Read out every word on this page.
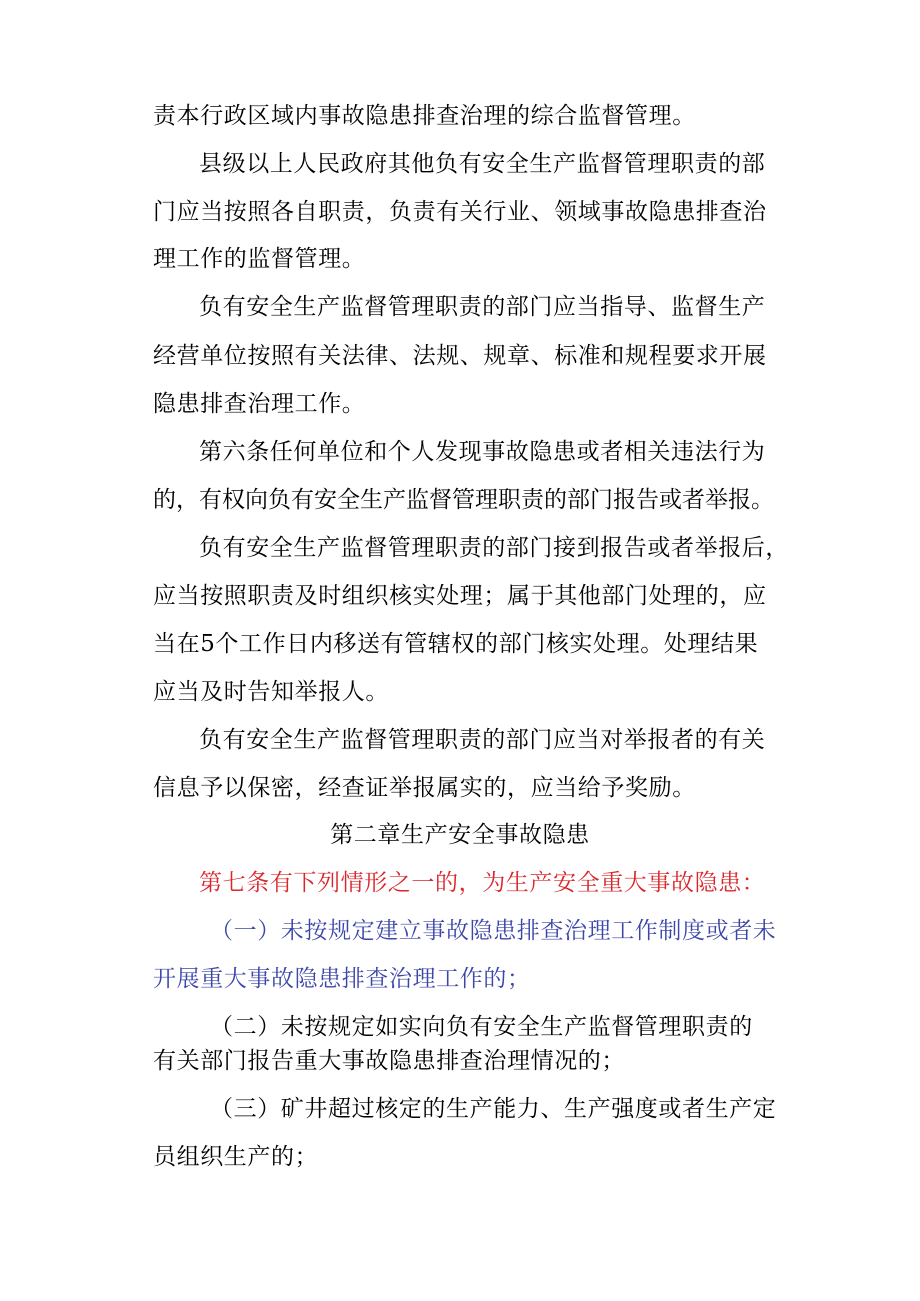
责本行政区域内事故隐患排查治理的综合监督管理。
县级以上人民政府其他负有安全生产监督管理职责的部
门应当按照各自职责，负责有关行业、领域事故隐患排查治
理工作的监督管理。
负有安全生产监督管理职责的部门应当指导、监督生产
经营单位按照有关法律、法规、规章、标准和规程要求开展
隐患排查治理工作。
第六条任何单位和个人发现事故隐患或者相关违法行为
的，有权向负有安全生产监督管理职责的部门报告或者举报。
负有安全生产监督管理职责的部门接到报告或者举报后，
应当按照职责及时组织核实处理；属于其他部门处理的，应
当在5个工作日内移送有管辖权的部门核实处理。处理结果
应当及时告知举报人。
负有安全生产监督管理职责的部门应当对举报者的有关
信息予以保密，经查证举报属实的，应当给予奖励。
第二章生产安全事故隐患
第七条有下列情形之一的，为生产安全重大事故隐患：
（一）未按规定建立事故隐患排查治理工作制度或者未
开展重大事故隐患排查治理工作的；
（二）未按规定如实向负有安全生产监督管理职责的
有关部门报告重大事故隐患排查治理情况的；
（三）矿井超过核定的生产能力、生产强度或者生产定
员组织生产的；
